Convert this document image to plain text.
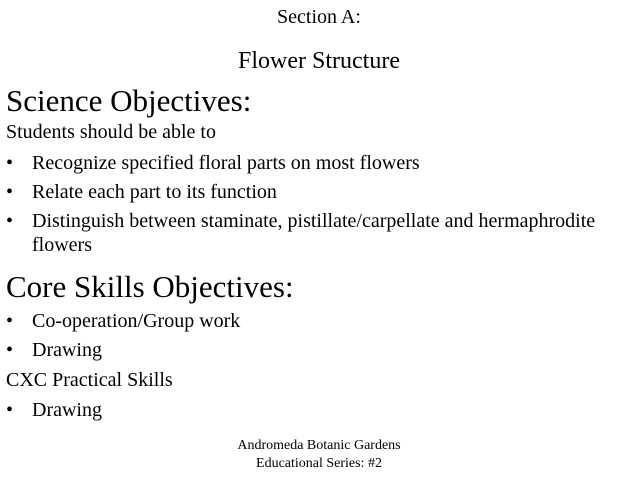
Section A:
Flower Structure
Science Objectives:
Students should be able to
• Recognize specified floral parts on most flowers
• Relate each part to its function
• Distinguish between staminate, pistillate/carpellate and hermaphrodite flowers
Core Skills Objectives:
• Co-operation/Group work
• Drawing
CXC Practical Skills
• Drawing
Andromeda Botanic Gardens
Educational Series: #2
